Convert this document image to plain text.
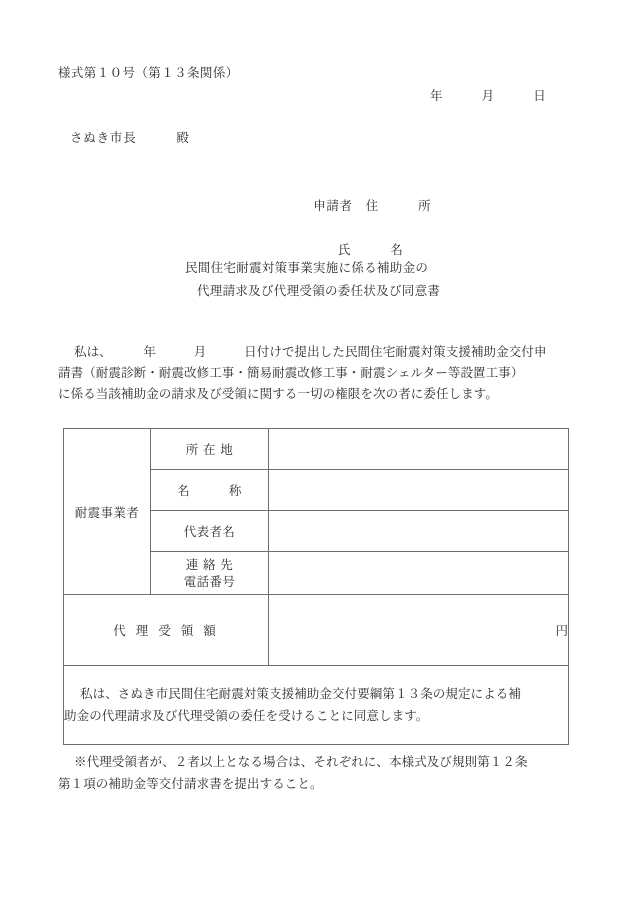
様式第１０号（第１３条関係）
年　　　月　　　日
さぬき市長　　　殿

申請者　 住　　　所

氏　　　名

民間住宅耐震対策事業実施に係る補助金の
代理請求及び代理受領の委任状及び同意書
私は、　　　年　　　月　　　日付けで提出した民間住宅耐震対策支援補助金交付申
請書（耐震診断・耐震改修工事・簡易耐震改修工事・耐震シェルター等設置工事）
に係る当該補助金の請求及び受領に関する一切の権限を次の者に委任します。
耐震事業者	所 在 地	
	名　　　称	
	代表者名	
	連 絡 先
電話番号	
代 理 受 領 額		円

私は、さぬき市民間住宅耐震対策支援補助金交付要綱第１３条の規定による補
助金の代理請求及び代理受領の委任を受けることに同意します。		
※代理受領者が、２者以上となる場合は、それぞれに、本様式及び規則第１２条
第１項の補助金等交付請求書を提出すること。
